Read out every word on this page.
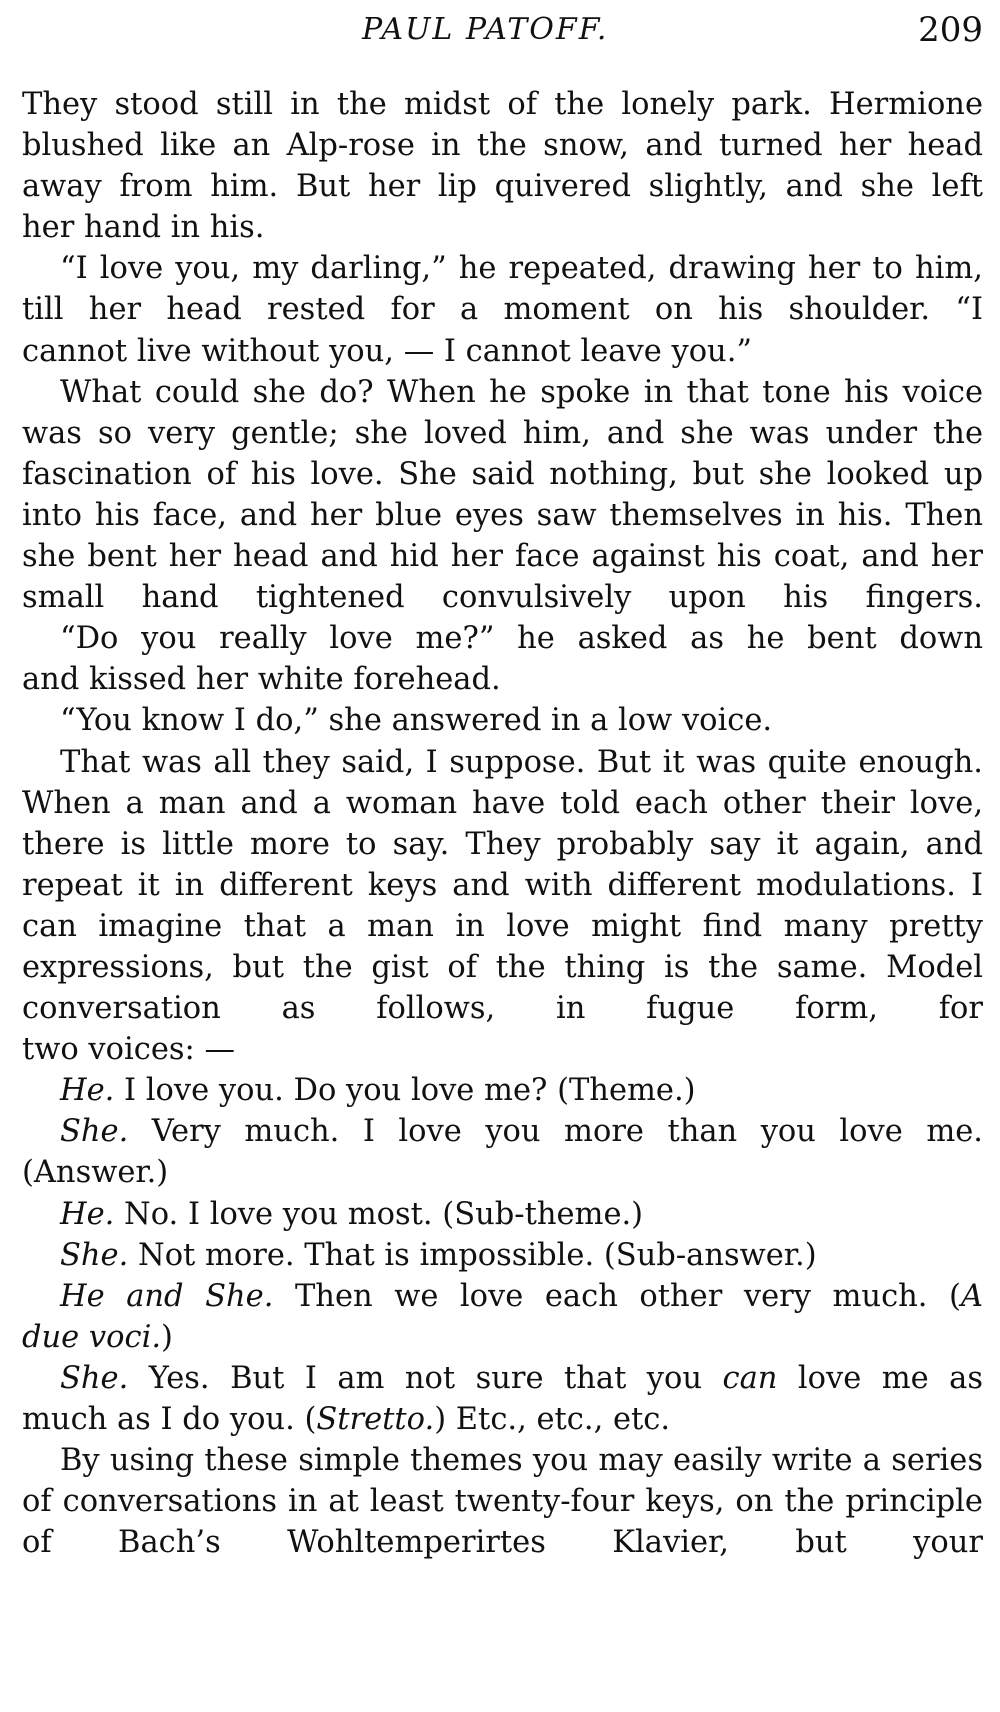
PAUL PATOFF.	209

They stood still in the midst of the lonely park. Hermione blushed like an Alp-rose in the snow, and turned her head away from him. But her lip quivered slightly, and she left

her hand in his.

“I love you, my darling,” he repeated, drawing her to him, till her head rested for a moment on his shoulder. “I

cannot live without you, — I cannot leave you.”

What could she do? When he spoke in that tone his voice was so very gentle; she loved him, and she was under the fascination of his love. She said nothing, but she looked up into his face, and her blue eyes saw themselves in his. Then she bent her head and hid her face against his coat, and her small hand tightened convulsively upon his fingers.

“Do you really love me?” he asked as he bent down

and kissed her white forehead.

“You know I do,” she answered in a low voice.

That was all they said, I suppose. But it was quite enough. When a man and a woman have told each other their love, there is little more to say. They probably say it again, and repeat it in different keys and with different modulations. I can imagine that a man in love might find many pretty expressions, but the gist of the thing is the same. Model conversation as follows, in fugue form, for

two voices: —

He. I love you. Do you love me? (Theme.)

She. Very much. I love you more than you love me.

(Answer.)

He. No. I love you most. (Sub-theme.)

She. Not more. That is impossible. (Sub-answer.)

He and She. Then we love each other very much. (A

due voci.)

She. Yes. But I am not sure that you can love me as

much as I do you. (Stretto.) Etc., etc., etc.

By using these simple themes you may easily write a series of conversations in at least twenty-four keys, on the principle of Bach’s Wohltemperirtes Klavier, but your
